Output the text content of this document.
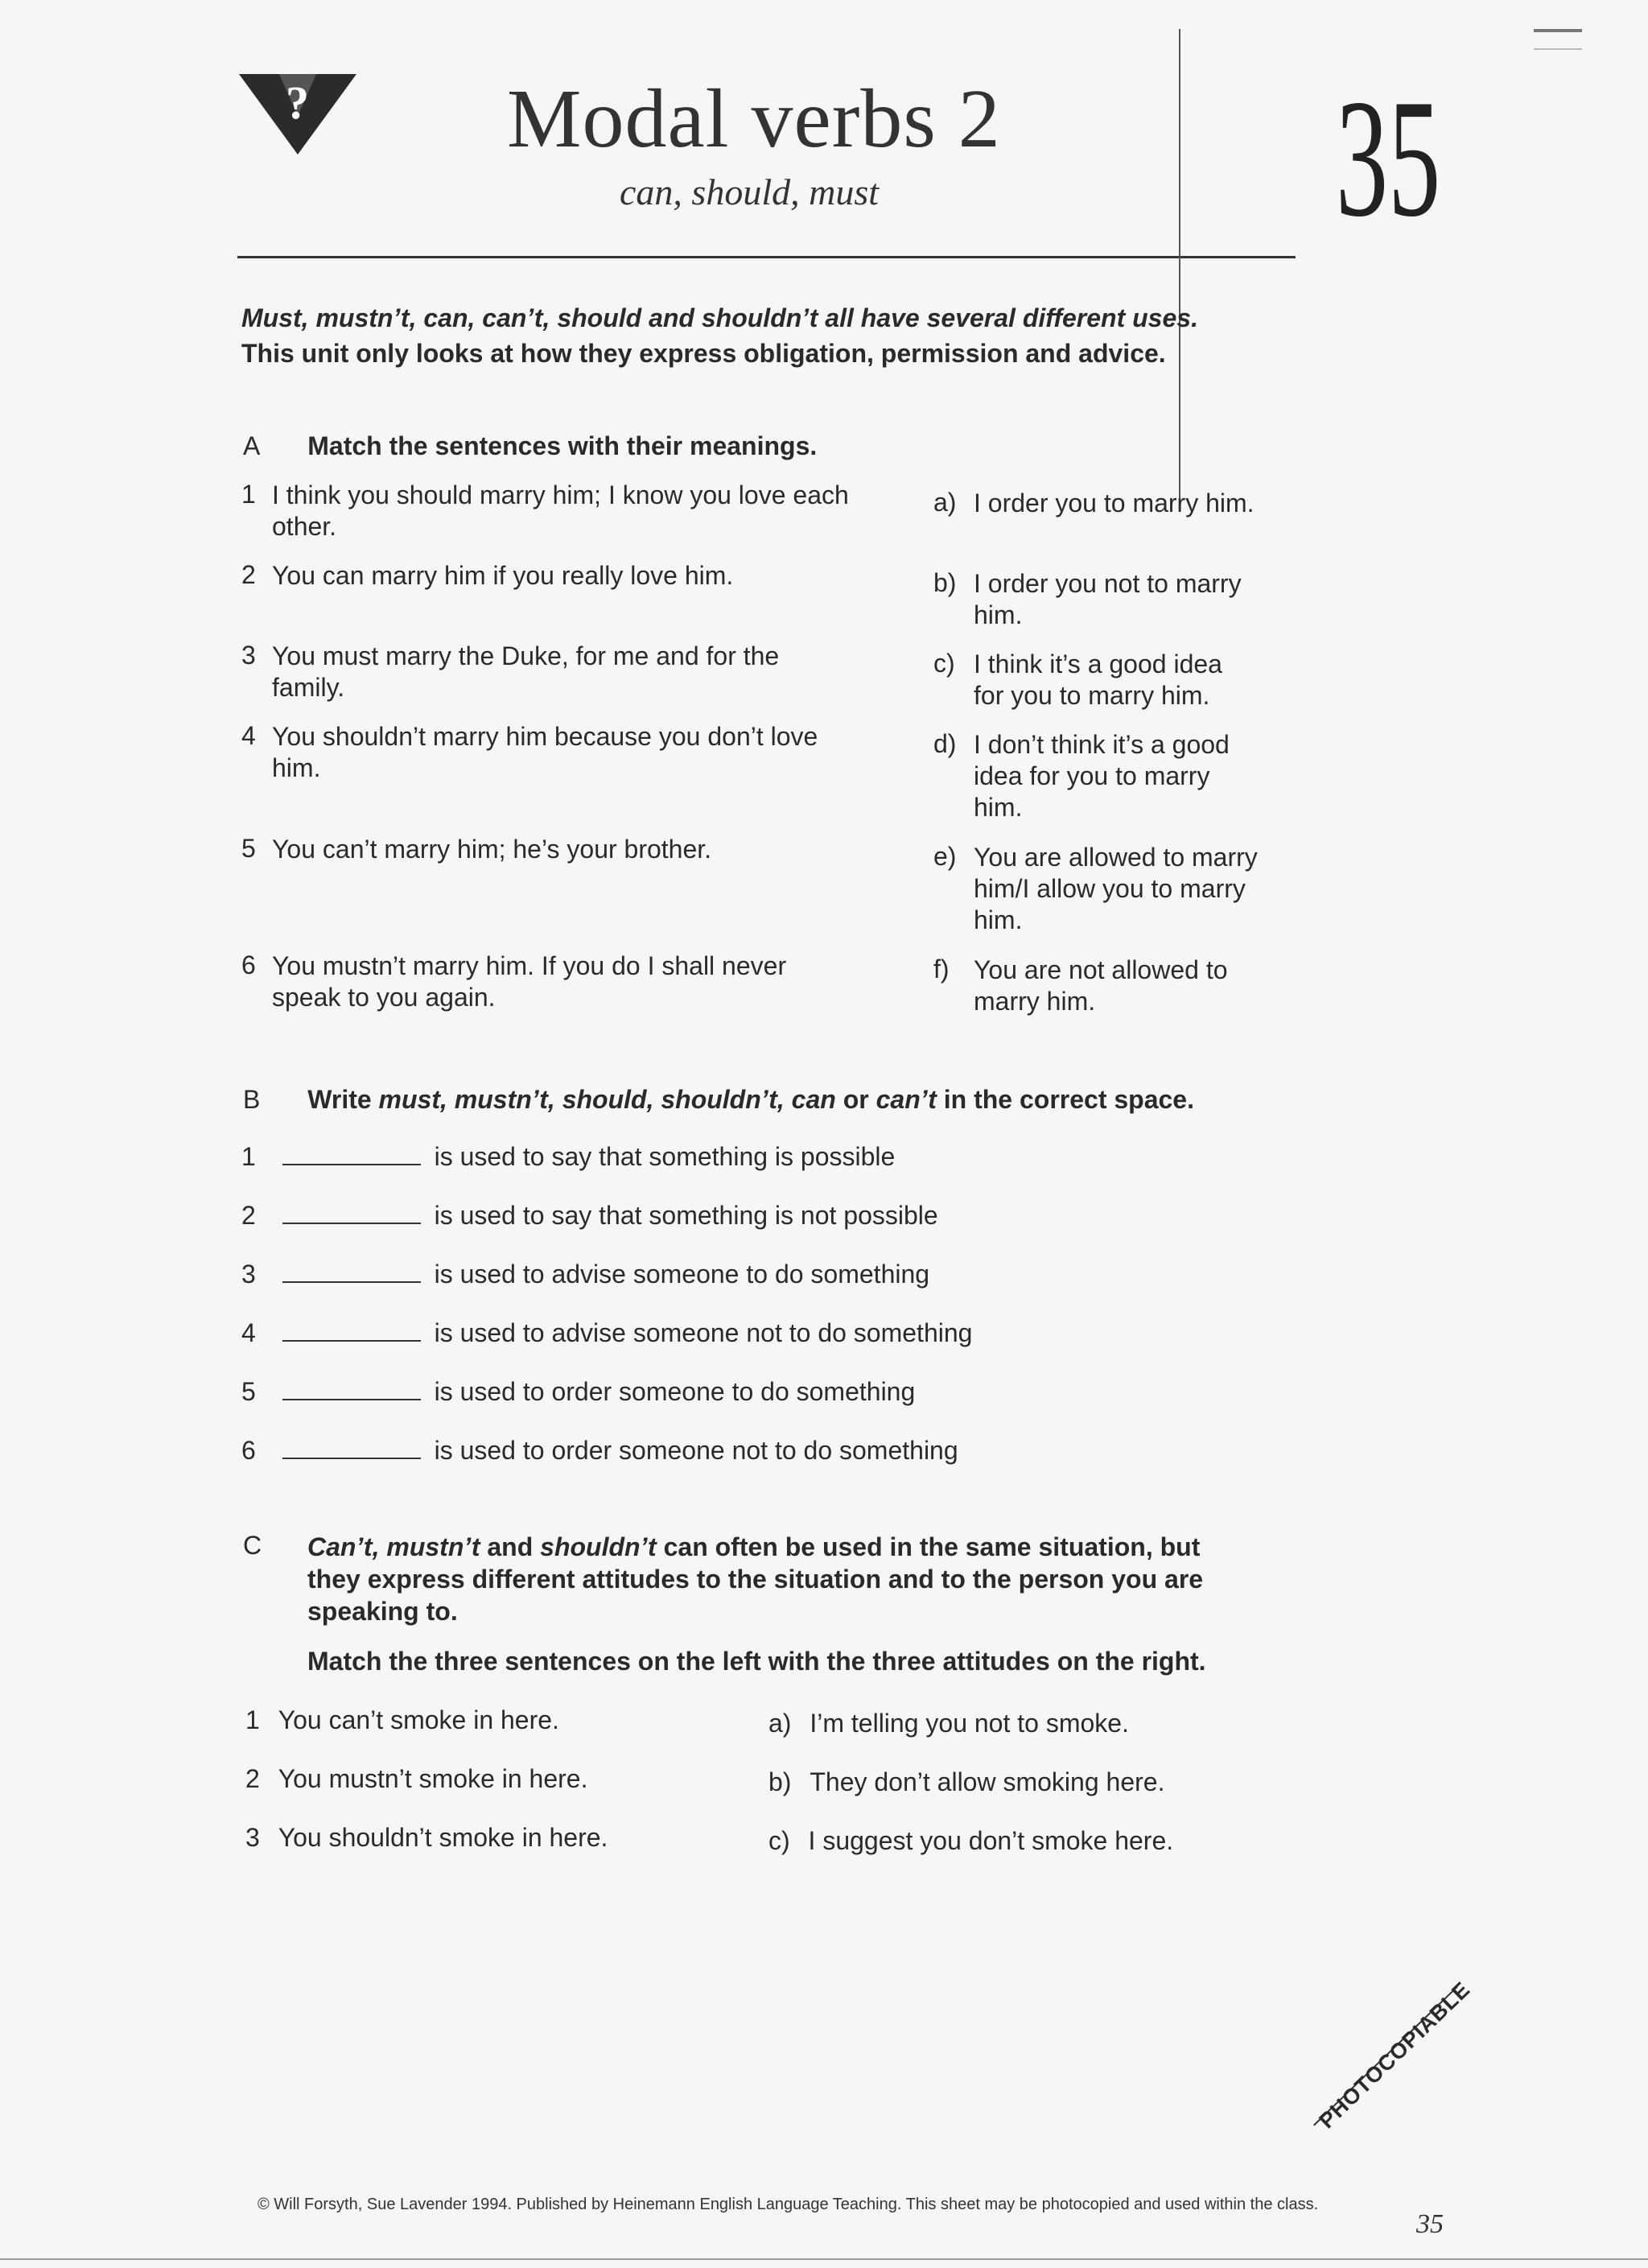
? Modal verbs 2
can, should, must	35
Must, mustn’t, can, can’t, should and shouldn’t all have several different uses.
This unit only looks at how they express obligation, permission and advice.
A Match the sentences with their meanings.
1 I think you should marry him; I know you love each other.
2 You can marry him if you really love him.
3 You must marry the Duke, for me and for the family.
4 You shouldn’t marry him because you don’t love him.
5 You can’t marry him; he’s your brother.
6 You mustn’t marry him. If you do I shall never speak to you again.
a) I order you to marry him.
b) I order you not to marry him.
c) I think it’s a good idea for you to marry him.
d) I don’t think it’s a good idea for you to marry him.
e) You are allowed to marry him/I allow you to marry him.
f) You are not allowed to marry him.
B Write must, mustn’t, should, shouldn’t, can or can’t in the correct space.
1	is used to say that something is possible
2	is used to say that something is not possible
3	is used to advise someone to do something
4	is used to advise someone not to do something
5	is used to order someone to do something
6	is used to order someone not to do something
C Can’t, mustn’t and shouldn’t can often be used in the same situation, but
they express different attitudes to the situation and to the person you are
speaking to.
Match the three sentences on the left with the three attitudes on the right.
1 You can’t smoke in here.
2 You mustn’t smoke in here.
3 You shouldn’t smoke in here.
a) I’m telling you not to smoke.
b) They don’t allow smoking here.
c) I suggest you don’t smoke here.
© Will Forsyth, Sue Lavender 1994. Published by Heinemann English Language Teaching. This sheet may be photocopied and used within the class.
PHOTOCOPIABLE
35
